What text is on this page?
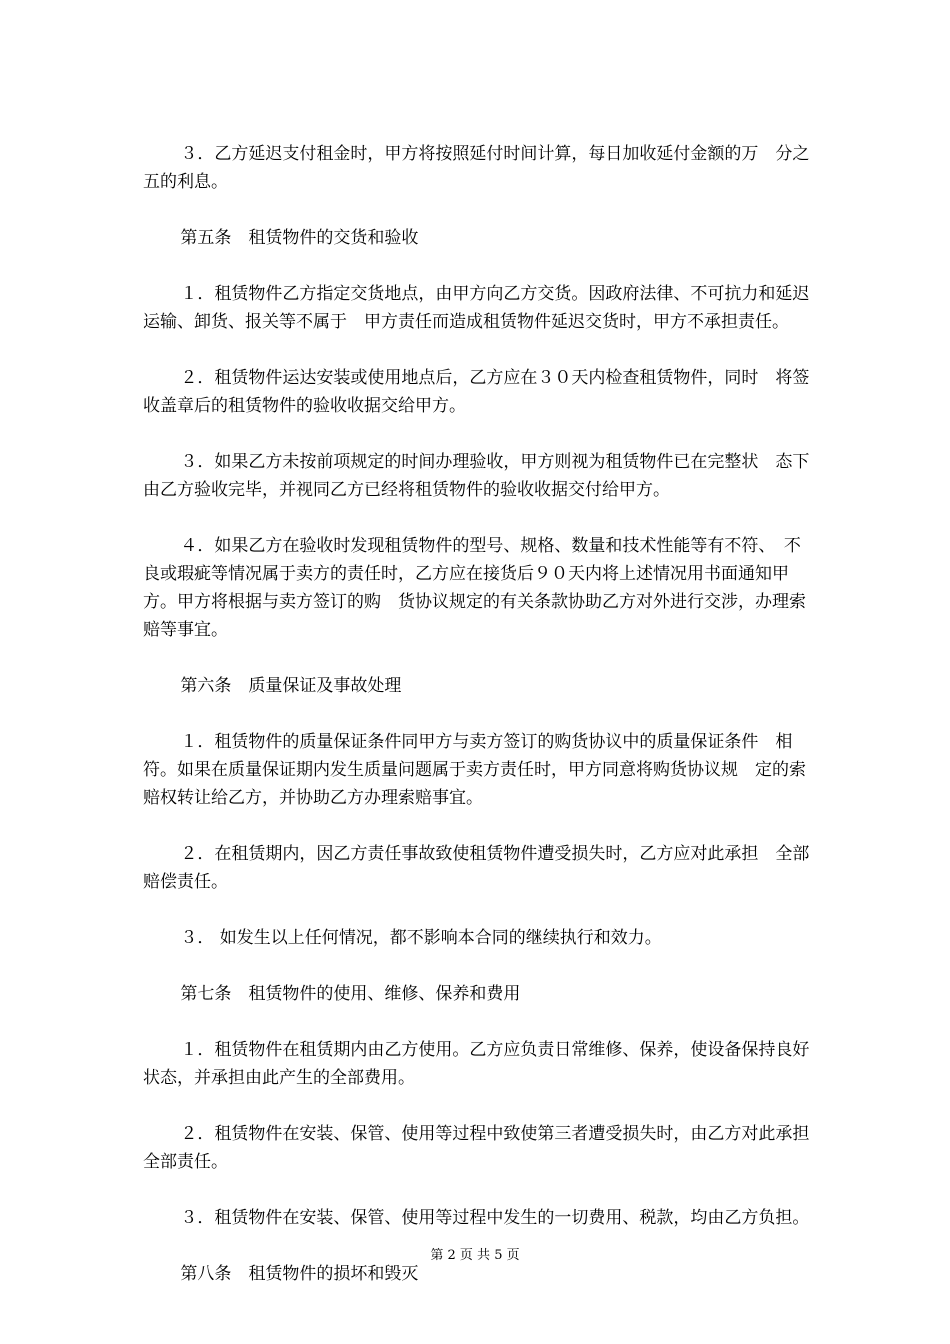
３．乙方延迟支付租金时，甲方将按照延付时间计算，每日加收延付金额的万　分之五的利息。

第五条　租赁物件的交货和验收

１．租赁物件乙方指定交货地点，由甲方向乙方交货。因政府法律、不可抗力和延迟运输、卸货、报关等不属于　甲方责任而造成租赁物件延迟交货时，甲方不承担责任。

２．租赁物件运达安装或使用地点后，乙方应在３０天内检查租赁物件，同时　将签收盖章后的租赁物件的验收收据交给甲方。

３．如果乙方未按前项规定的时间办理验收，甲方则视为租赁物件已在完整状　态下由乙方验收完毕，并视同乙方已经将租赁物件的验收收据交付给甲方。

４．如果乙方在验收时发现租赁物件的型号、规格、数量和技术性能等有不符、　不良或瑕疵等情况属于卖方的责任时，乙方应在接货后９０天内将上述情况用书面通知甲方。甲方将根据与卖方签订的购　货协议规定的有关条款协助乙方对外进行交涉，办理索赔等事宜。

第六条　质量保证及事故处理

１．租赁物件的质量保证条件同甲方与卖方签订的购货协议中的质量保证条件　相符。如果在质量保证期内发生质量问题属于卖方责任时，甲方同意将购货协议规　定的索赔权转让给乙方，并协助乙方办理索赔事宜。

２．在租赁期内，因乙方责任事故致使租赁物件遭受损失时，乙方应对此承担　全部赔偿责任。

３． 如发生以上任何情况，都不影响本合同的继续执行和效力。

第七条　租赁物件的使用、维修、保养和费用

１．租赁物件在租赁期内由乙方使用。乙方应负责日常维修、保养，使设备保持良好状态，并承担由此产生的全部费用。

２．租赁物件在安装、保管、使用等过程中致使第三者遭受损失时，由乙方对此承担全部责任。

３．租赁物件在安装、保管、使用等过程中发生的一切费用、税款，均由乙方负担。

第八条　租赁物件的损坏和毁灭

第 2 页 共 5 页
